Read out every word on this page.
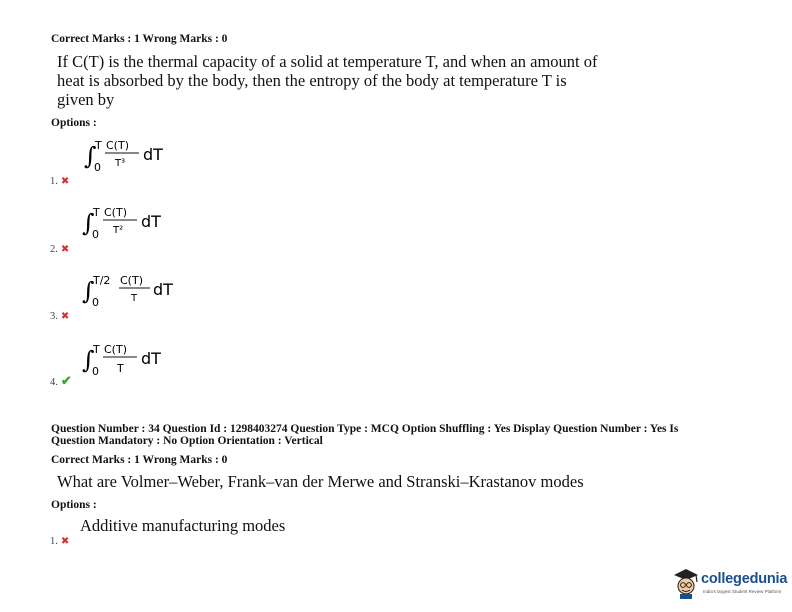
Correct Marks : 1 Wrong Marks : 0
If C(T) is the thermal capacity of a solid at temperature T, and when an amount of
heat is absorbed by the body, then the entropy of the body at temperature T is
given by
Options :
1. ✖
∫
T
0
C(T)
T³ dT
2. ✖
∫
T
0
C(T)
T² dT
3. ✖
∫
T/2
0
C(T)
T dT
4. ✔
∫
T
0
C(T)
T
dT
Question Number : 34 Question Id : 1298403274 Question Type : MCQ Option Shuffling : Yes Display Question Number : Yes Is
Question Mandatory : No Option Orientation : Vertical
Correct Marks : 1 Wrong Marks : 0
What are Volmer–Weber, Frank–van der Merwe and Stranski–Krastanov modes
Options :
1. ✖
Additive manufacturing modes
collegedunia
India's largest Student Review Platform
